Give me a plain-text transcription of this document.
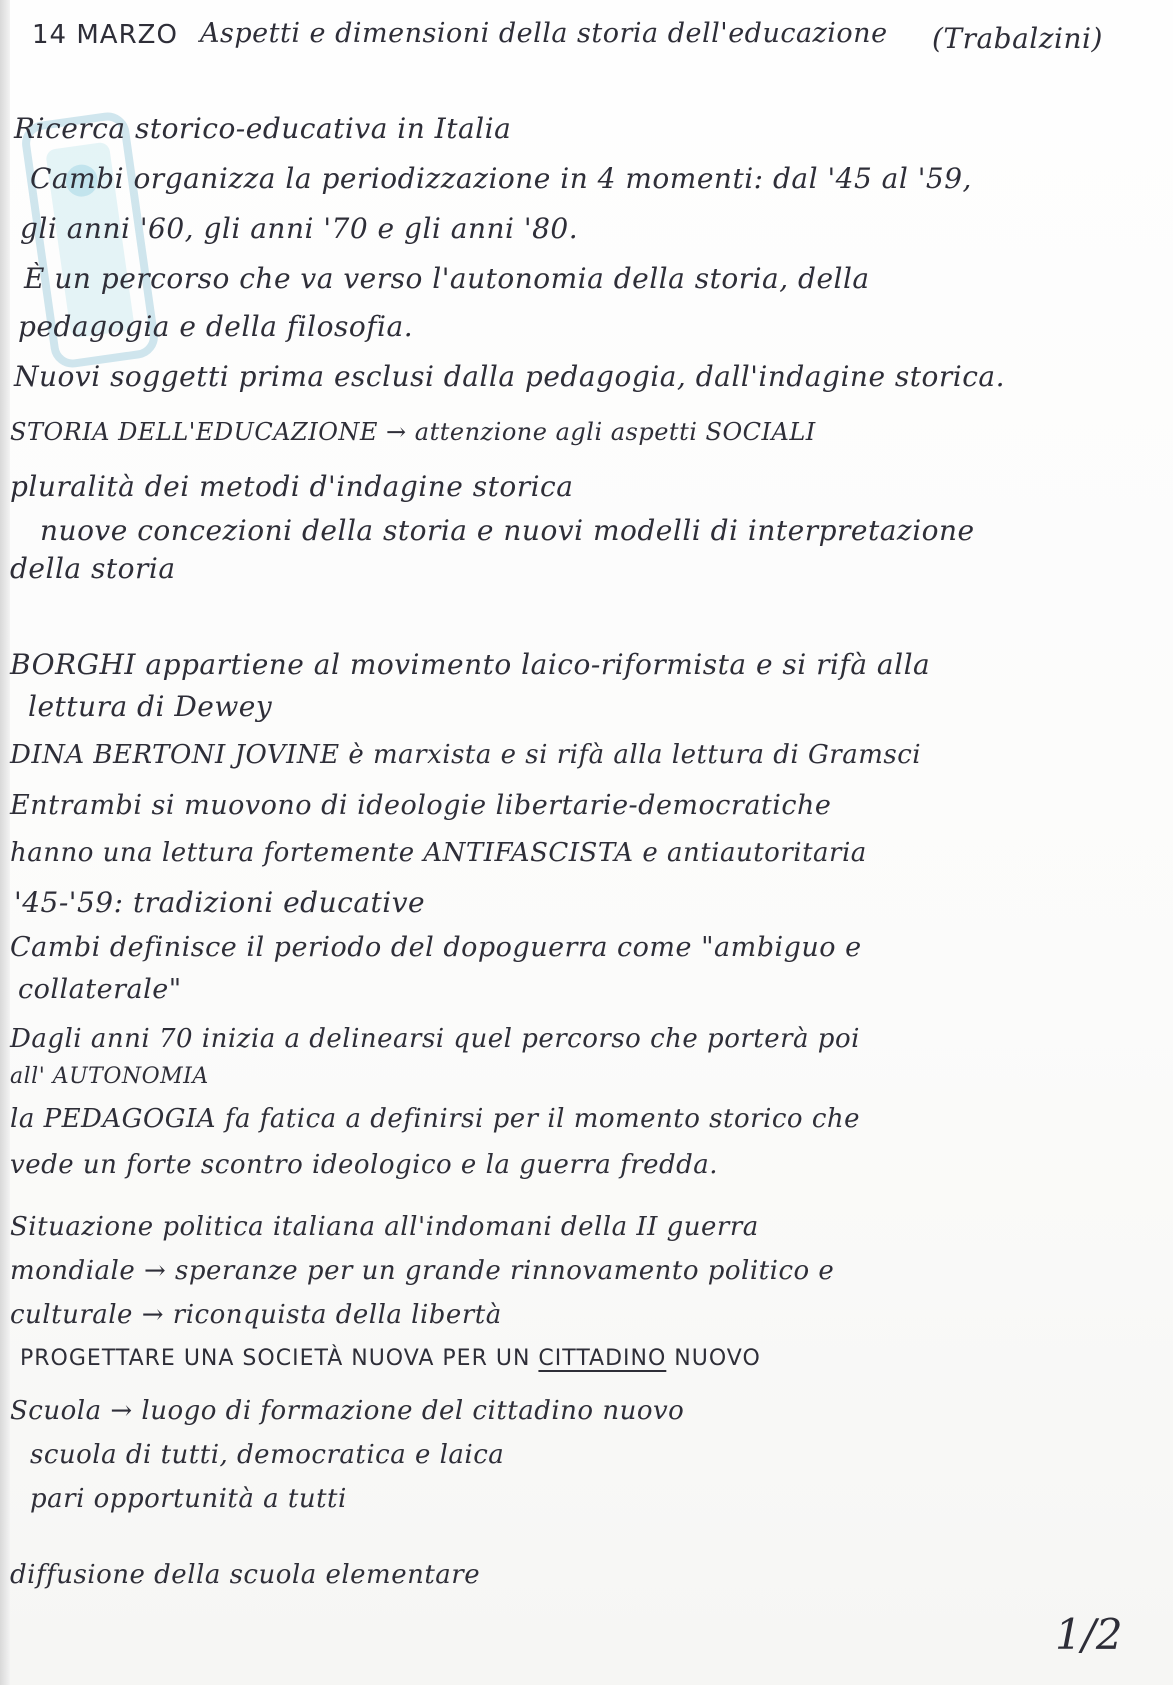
14 MARZO Aspetti e dimensioni della storia dell'educazione (Trabalzini)
Ricerca storico-educativa in Italia
Cambi organizza la periodizzazione in 4 momenti: dal '45 al '59,
gli anni '60, gli anni '70 e gli anni '80.
È un percorso che va verso l'autonomia della storia, della
pedagogia e della filosofia.
Nuovi soggetti prima esclusi dalla pedagogia, dall'indagine storica.
STORIA DELL'EDUCAZIONE → attenzione agli aspetti SOCIALI
pluralità dei metodi d'indagine storica
nuove concezioni della storia e nuovi modelli di interpretazione
della storia
BORGHI appartiene al movimento laico-riformista e si rifà alla
lettura di Dewey
DINA BERTONI JOVINE è marxista e si rifà alla lettura di Gramsci
Entrambi si muovono di ideologie libertarie-democratiche
hanno una lettura fortemente ANTIFASCISTA e antiautoritaria
'45-'59: tradizioni educative
Cambi definisce il periodo del dopoguerra come "ambiguo e
collaterale"
Dagli anni 70 inizia a delinearsi quel percorso che porterà poi
all' AUTONOMIA
la PEDAGOGIA fa fatica a definirsi per il momento storico che
vede un forte scontro ideologico e la guerra fredda.
Situazione politica italiana all'indomani della II guerra
mondiale → speranze per un grande rinnovamento politico e
culturale → riconquista della libertà
PROGETTARE UNA SOCIETÀ NUOVA PER UN CITTADINO NUOVO
Scuola → luogo di formazione del cittadino nuovo
scuola di tutti, democratica e laica
pari opportunità a tutti
diffusione della scuola elementare
1/2
